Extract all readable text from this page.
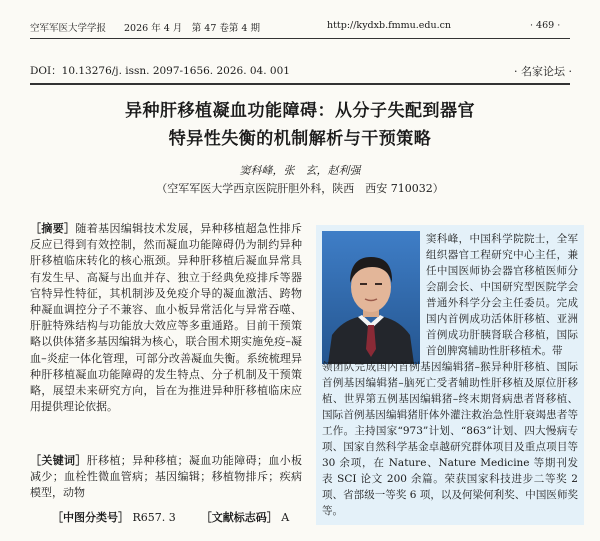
空军军医大学学报 2026 年 4 月　第 47 卷第 4 期	http://kydxb.fmmu.edu.cn	· 469 ·
DOI：10.13276/j. issn. 2097-1656. 2026. 04. 001	· 名家论坛 ·
异种肝移植凝血功能障碍：从分子失配到器官
特异性失衡的机制解析与干预策略
窦科峰，张　玄，赵利强
（空军军医大学西京医院肝胆外科，陕西　西安 710032）
［摘要］随着基因编辑技术发展，异种移植超急性排斥反应已得到有效控制，然而凝血功能障碍仍为制约异种肝移植临床转化的核心瓶颈。异种肝移植后凝血异常具有发生早、高凝与出血并存、独立于经典免疫排斥等器官特异性特征，其机制涉及免疫介导的凝血激活、跨物种凝血调控分子不兼容、血小板异常活化与异常吞噬、肝脏特殊结构与功能放大效应等多重通路。目前干预策略以供体猪多基因编辑为核心，联合围术期实施免疫–凝血–炎症一体化管理，可部分改善凝血失衡。系统梳理异种肝移植凝血功能障碍的发生特点、分子机制及干预策略，展望未来研究方向，旨在为推进异种肝移植临床应用提供理论依据。
［关键词］肝移植；异种移植；凝血功能障碍；血小板减少；血栓性微血管病；基因编辑；移植物排斥；疾病模型，动物
［中图分类号］ R657. 3 ［文献标志码］ A
窦科峰，中国科学院院士，全军组织器官工程研究中心主任，兼任中国医师协会器官移植医师分会副会长、中国研究型医院学会普通外科学分会主任委员。完成国内首例成功活体肝移植、亚洲首例成功肝胰肾联合移植，国际首创脾窝辅助性肝移植术。带
领团队完成国内首例基因编辑猪–猴异种肝移植、国际首例基因编辑猪–脑死亡受者辅助性肝移植及原位肝移植、世界第五例基因编辑猪–终末期肾病患者肾移植、国际首例基因编辑猪肝体外灌注救治急性肝衰竭患者等工作。主持国家“973”计划、“863”计划、四大慢病专项、国家自然科学基金卓越研究群体项目及重点项目等 30 余项，在 Nature、Nature Medicine 等期刊发表 SCI 论文 200 余篇。荣获国家科技进步二等奖 2 项、省部级一等奖 6 项，以及何梁何利奖、中国医师奖等。
